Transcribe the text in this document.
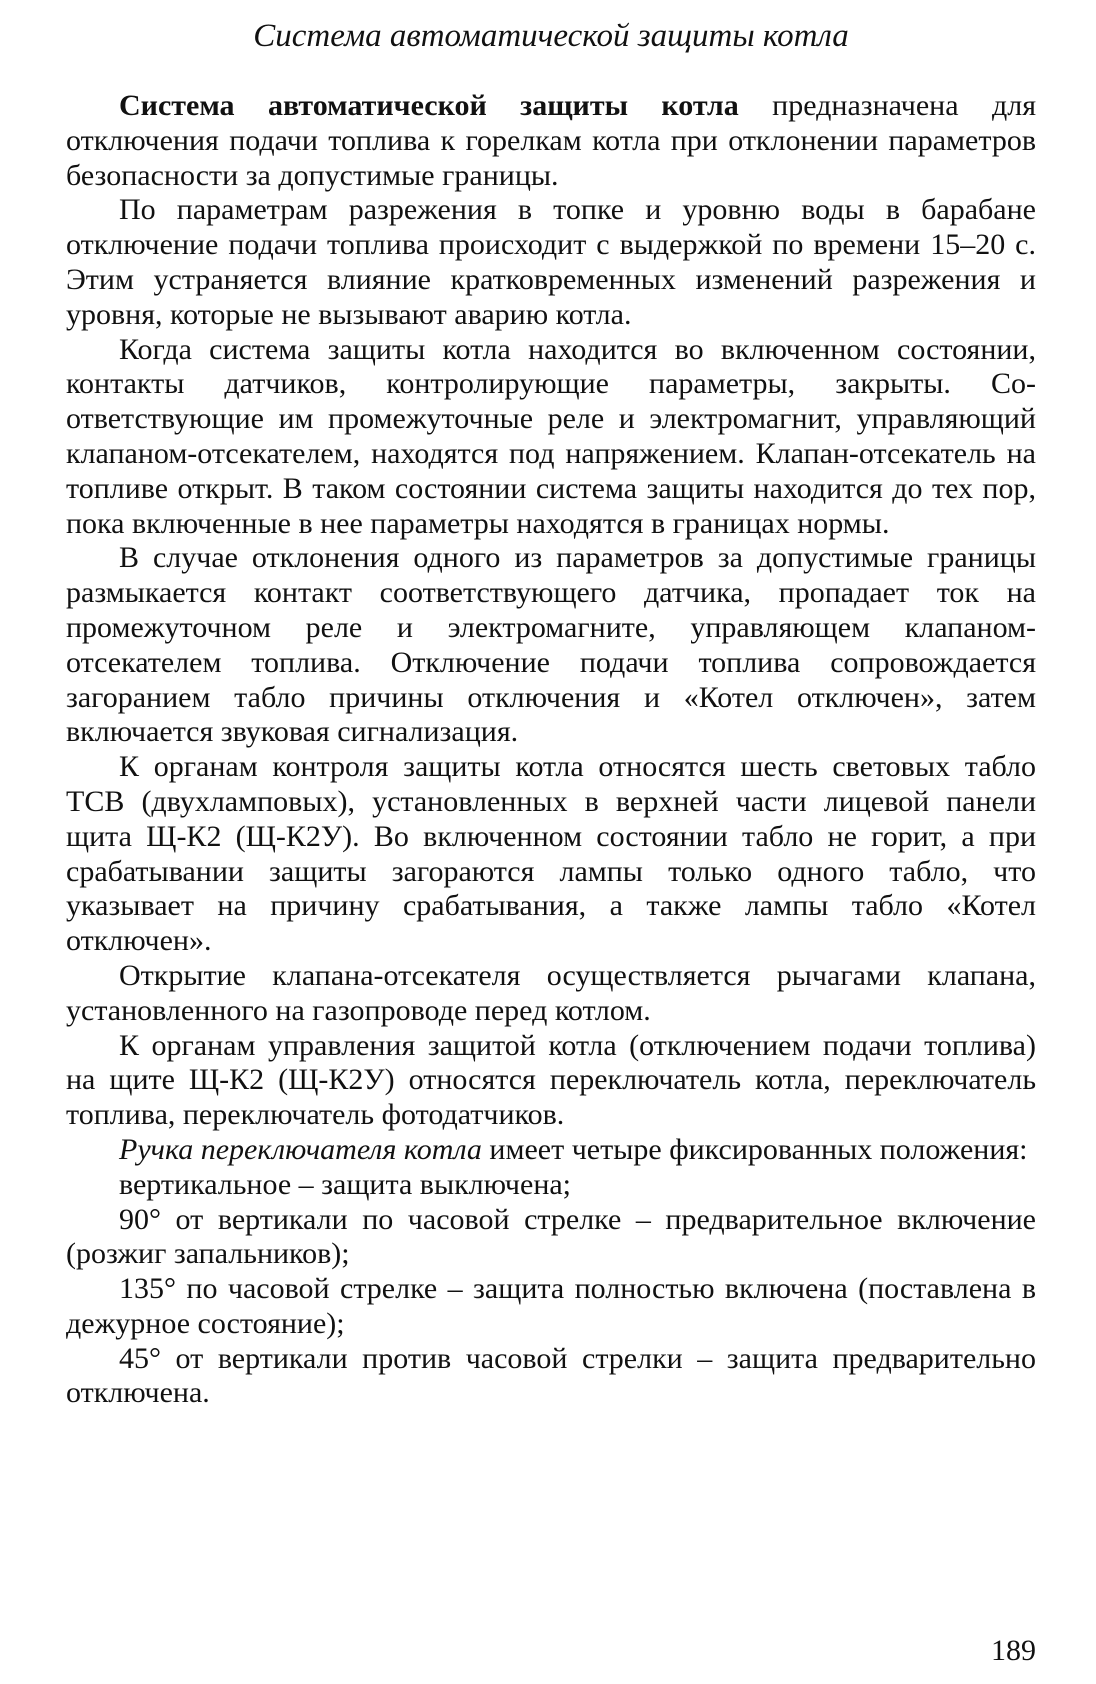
Система автоматической защиты котла

Система автоматической защиты котла предназначена для отключения подачи топлива к горелкам котла при отклонении параметров безопасности за допустимые границы.

По параметрам разрежения в топке и уровню воды в барабане отключение подачи топлива происходит с выдержкой по времени 15–20 с. Этим устраняется влияние кратковременных изменений разрежения и уровня, которые не вызывают аварию котла.

Когда система защиты котла находится во включенном состоянии, контакты датчиков, контролирующие параметры, закрыты. Соответствующие им промежуточные реле и электромагнит, управляющий клапаном-отсекателем, находятся под напряжением. Клапан-отсекатель на топливе открыт. В таком состоянии система защиты находится до тех пор, пока включенные в нее параметры находятся в границах нормы.

В случае отклонения одного из параметров за допустимые границы размыкается контакт соответствующего датчика, пропадает ток на промежуточном реле и электромагните, управляющем клапаном-отсекателем топлива. Отключение подачи топлива сопровождается загоранием табло причины отключения и «Котел отключен», затем включается звуковая сигнализация.

К органам контроля защиты котла относятся шесть световых табло ТСВ (двухламповых), установленных в верхней части лицевой панели щита Щ-К2 (Щ-К2У). Во включенном состоянии табло не горит, а при срабатывании защиты загораются лампы только одного табло, что указывает на причину срабатывания, а также лампы табло «Котел отключен».

Открытие клапана-отсекателя осуществляется рычагами клапана, установленного на газопроводе перед котлом.

К органам управления защитой котла (отключением подачи топлива) на щите Щ-К2 (Щ-К2У) относятся переключатель котла, переключатель топлива, переключатель фотодатчиков.

Ручка переключателя котла имеет четыре фиксированных положения:

вертикальное – защита выключена;

90° от вертикали по часовой стрелке – предварительное включение (розжиг запальников);

135° по часовой стрелке – защита полностью включена (поставлена в дежурное состояние);

45° от вертикали против часовой стрелки – защита предварительно отключена.

189
